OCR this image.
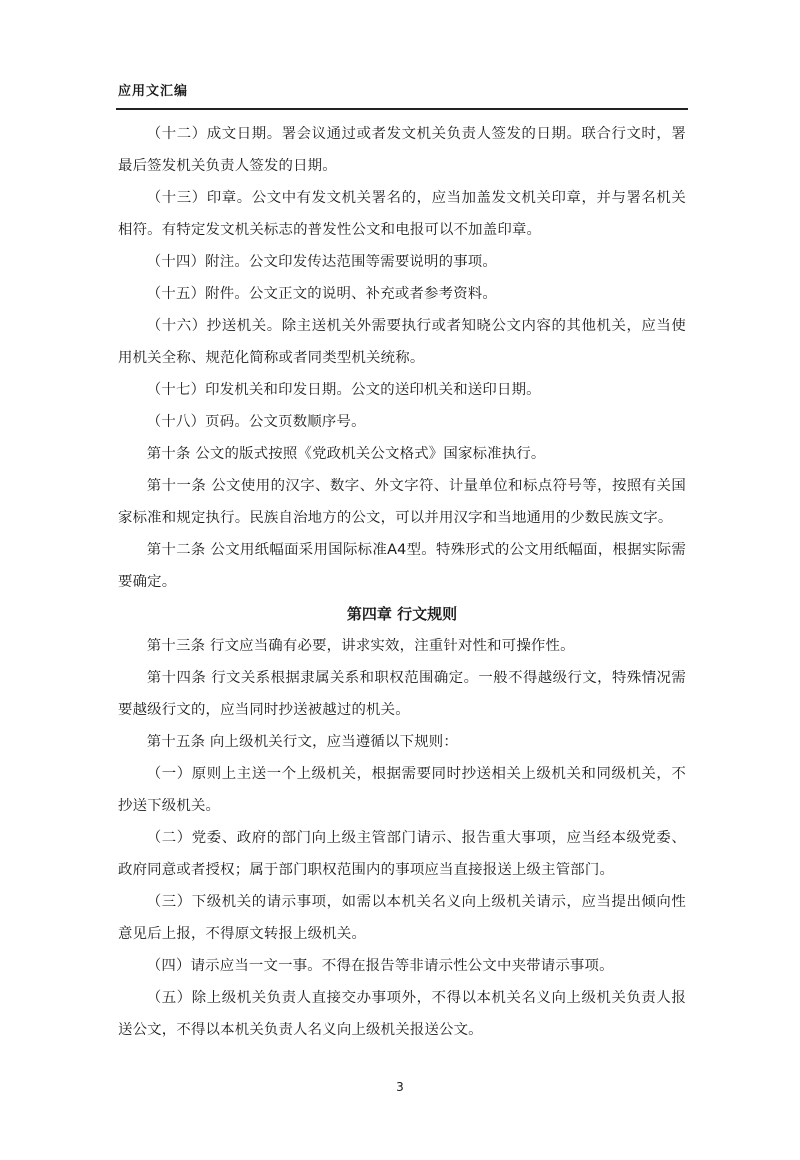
应用文汇编

（十二）成文日期。署会议通过或者发文机关负责人签发的日期。联合行文时，署最后签发机关负责人签发的日期。

（十三）印章。公文中有发文机关署名的，应当加盖发文机关印章，并与署名机关相符。有特定发文机关标志的普发性公文和电报可以不加盖印章。

（十四）附注。公文印发传达范围等需要说明的事项。

（十五）附件。公文正文的说明、补充或者参考资料。

（十六）抄送机关。除主送机关外需要执行或者知晓公文内容的其他机关，应当使用机关全称、规范化简称或者同类型机关统称。

（十七）印发机关和印发日期。公文的送印机关和送印日期。

（十八）页码。公文页数顺序号。

第十条 公文的版式按照《党政机关公文格式》国家标准执行。

第十一条 公文使用的汉字、数字、外文字符、计量单位和标点符号等，按照有关国家标准和规定执行。民族自治地方的公文，可以并用汉字和当地通用的少数民族文字。

第十二条 公文用纸幅面采用国际标准A4型。特殊形式的公文用纸幅面，根据实际需要确定。

第四章 行文规则

第十三条 行文应当确有必要，讲求实效，注重针对性和可操作性。

第十四条 行文关系根据隶属关系和职权范围确定。一般不得越级行文，特殊情况需要越级行文的，应当同时抄送被越过的机关。

第十五条 向上级机关行文，应当遵循以下规则：

（一）原则上主送一个上级机关，根据需要同时抄送相关上级机关和同级机关，不抄送下级机关。

（二）党委、政府的部门向上级主管部门请示、报告重大事项，应当经本级党委、政府同意或者授权；属于部门职权范围内的事项应当直接报送上级主管部门。

（三）下级机关的请示事项，如需以本机关名义向上级机关请示，应当提出倾向性意见后上报，不得原文转报上级机关。

（四）请示应当一文一事。不得在报告等非请示性公文中夹带请示事项。

（五）除上级机关负责人直接交办事项外，不得以本机关名义向上级机关负责人报送公文，不得以本机关负责人名义向上级机关报送公文。

3
